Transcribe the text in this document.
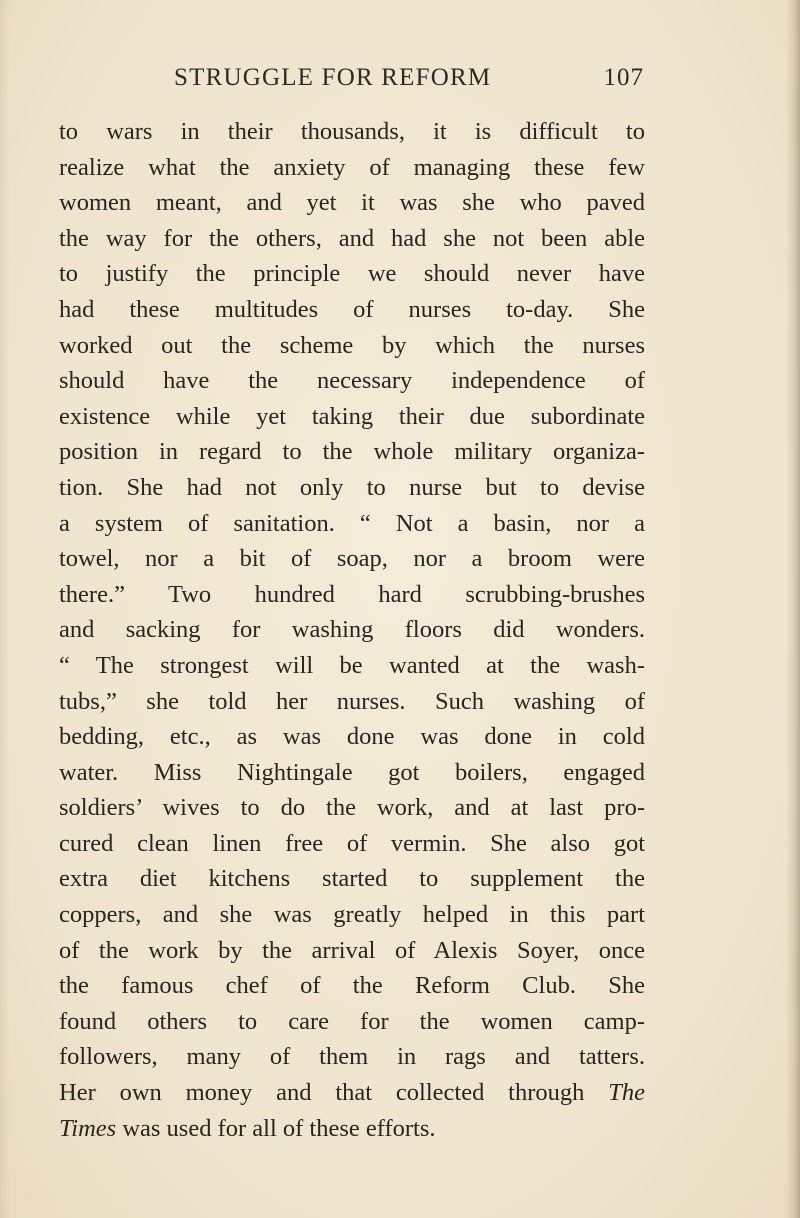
STRUGGLE FOR REFORM	107
to wars in their thousands, it is difficult to
realize what the anxiety of managing these few
women meant, and yet it was she who paved
the way for the others, and had she not been able
to justify the principle we should never have
had these multitudes of nurses to-day. She
worked out the scheme by which the nurses
should have the necessary independence of
existence while yet taking their due subordinate
position in regard to the whole military organiza-
tion. She had not only to nurse but to devise
a system of sanitation. “ Not a basin, nor a
towel, nor a bit of soap, nor a broom were
there.” Two hundred hard scrubbing-brushes
and sacking for washing floors did wonders.
“ The strongest will be wanted at the wash-
tubs,” she told her nurses. Such washing of
bedding, etc., as was done was done in cold
water. Miss Nightingale got boilers, engaged
soldiers’ wives to do the work, and at last pro-
cured clean linen free of vermin. She also got
extra diet kitchens started to supplement the
coppers, and she was greatly helped in this part
of the work by the arrival of Alexis Soyer, once
the famous chef of the Reform Club. She
found others to care for the women camp-
followers, many of them in rags and tatters.
Her own money and that collected through The
Times was used for all of these efforts.
